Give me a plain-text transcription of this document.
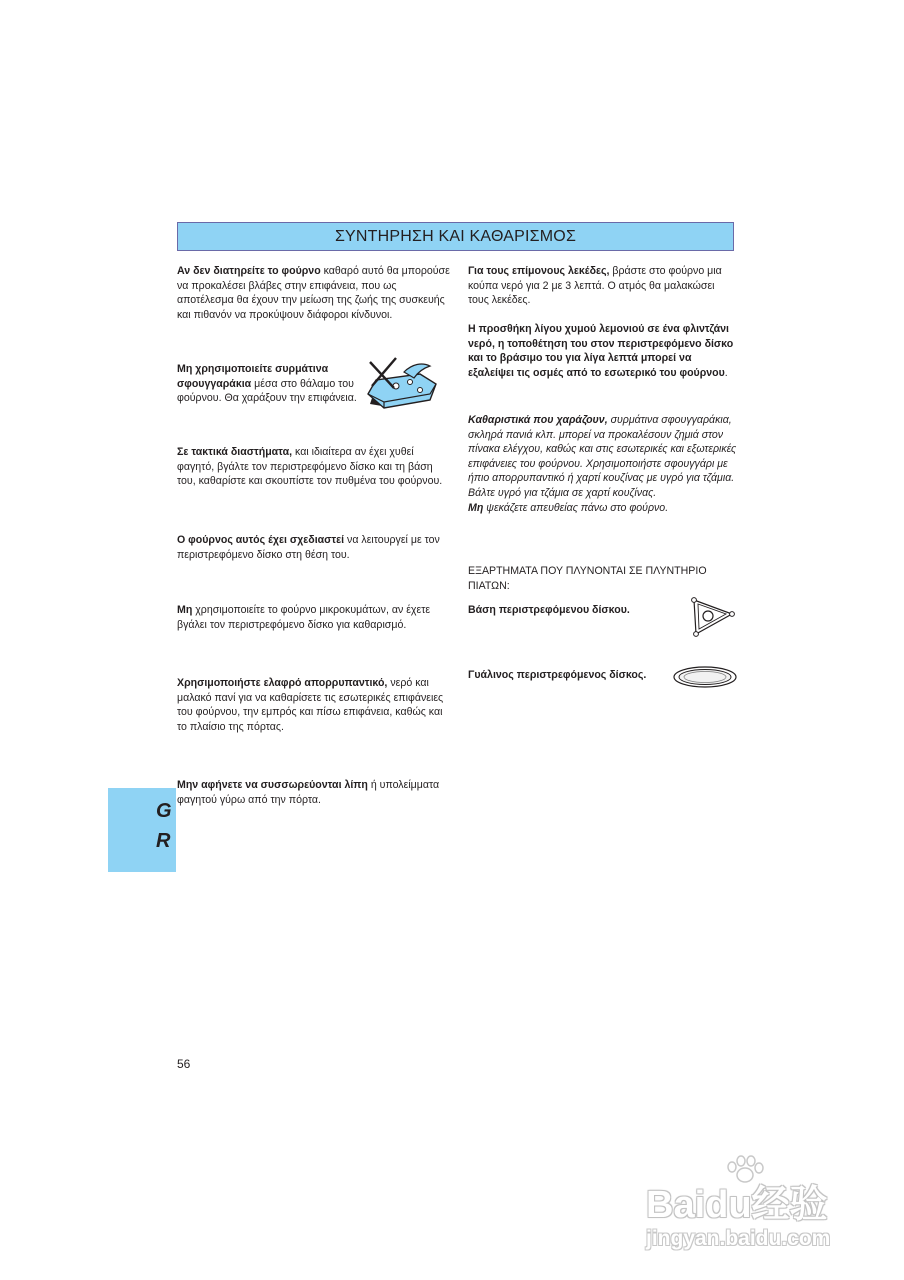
ΣΥΝΤΗΡΗΣΗ ΚΑΙ ΚΑΘΑΡΙΣΜΟΣ

Αν δεν διατηρείτε το φούρνο καθαρό αυτό θα μπορούσε να προκαλέσει βλάβες στην επιφάνεια, που ως αποτέλεσμα θα έχουν την μείωση της ζωής της συσκευής και πιθανόν να προκύψουν διάφοροι κίνδυνοι.

Μη χρησιμοποιείτε συρμάτινα σφουγγαράκια μέσα στο θάλαμο του φούρνου. Θα χαράξουν την επιφάνεια.

Σε τακτικά διαστήματα, και ιδιαίτερα αν έχει χυθεί φαγητό, βγάλτε τον περιστρεφόμενο δίσκο και τη βάση του, καθαρίστε και σκουπίστε τον πυθμένα του φούρνου.

Ο φούρνος αυτός έχει σχεδιαστεί να λειτουργεί με τον περιστρεφόμενο δίσκο στη θέση του.

Μη χρησιμοποιείτε το φούρνο μικροκυμάτων, αν έχετε βγάλει τον περιστρεφόμενο δίσκο για καθαρισμό.

Χρησιμοποιήστε ελαφρό απορρυπαντικό, νερό και μαλακό πανί για να καθαρίσετε τις εσωτερικές επιφάνειες του φούρνου, την εμπρός και πίσω επιφάνεια, καθώς και το πλαίσιο της πόρτας.

Μην αφήνετε να συσσωρεύονται λίπη ή υπολείμματα φαγητού γύρω από την πόρτα.

Για τους επίμονους λεκέδες, βράστε στο φούρνο μια κούπα νερό για 2 με 3 λεπτά. Ο ατμός θα μαλακώσει τους λεκέδες.

Η προσθήκη λίγου χυμού λεμονιού σε ένα φλιντζάνι νερό, η τοποθέτηση του στον περιστρεφόμενο δίσκο και το βράσιμο του για λίγα λεπτά μπορεί να εξαλείψει τις οσμές από το εσωτερικό του φούρνου.

Καθαριστικά που χαράζουν, συρμάτινα σφουγγαράκια, σκληρά πανιά κλπ. μπορεί να προκαλέσουν ζημιά στον πίνακα ελέγχου, καθώς και στις εσωτερικές και εξωτερικές επιφάνειες του φούρνου. Χρησιμοποιήστε σφουγγάρι με ήπιο απορρυπαντικό ή χαρτί κουζίνας με υγρό για τζάμια. Βάλτε υγρό για τζάμια σε χαρτί κουζίνας.
Μη ψεκάζετε απευθείας πάνω στο φούρνο.

ΕΞΑΡΤΗΜΑΤΑ ΠΟΥ ΠΛΥΝΟΝΤΑΙ ΣΕ ΠΛΥΝΤΗΡΙΟ ΠΙΑΤΩΝ:

Βάση περιστρεφόμενου δίσκου.

Γυάλινος περιστρεφόμενος δίσκος.

G
R
56
Baidu经验
jingyan.baidu.com
